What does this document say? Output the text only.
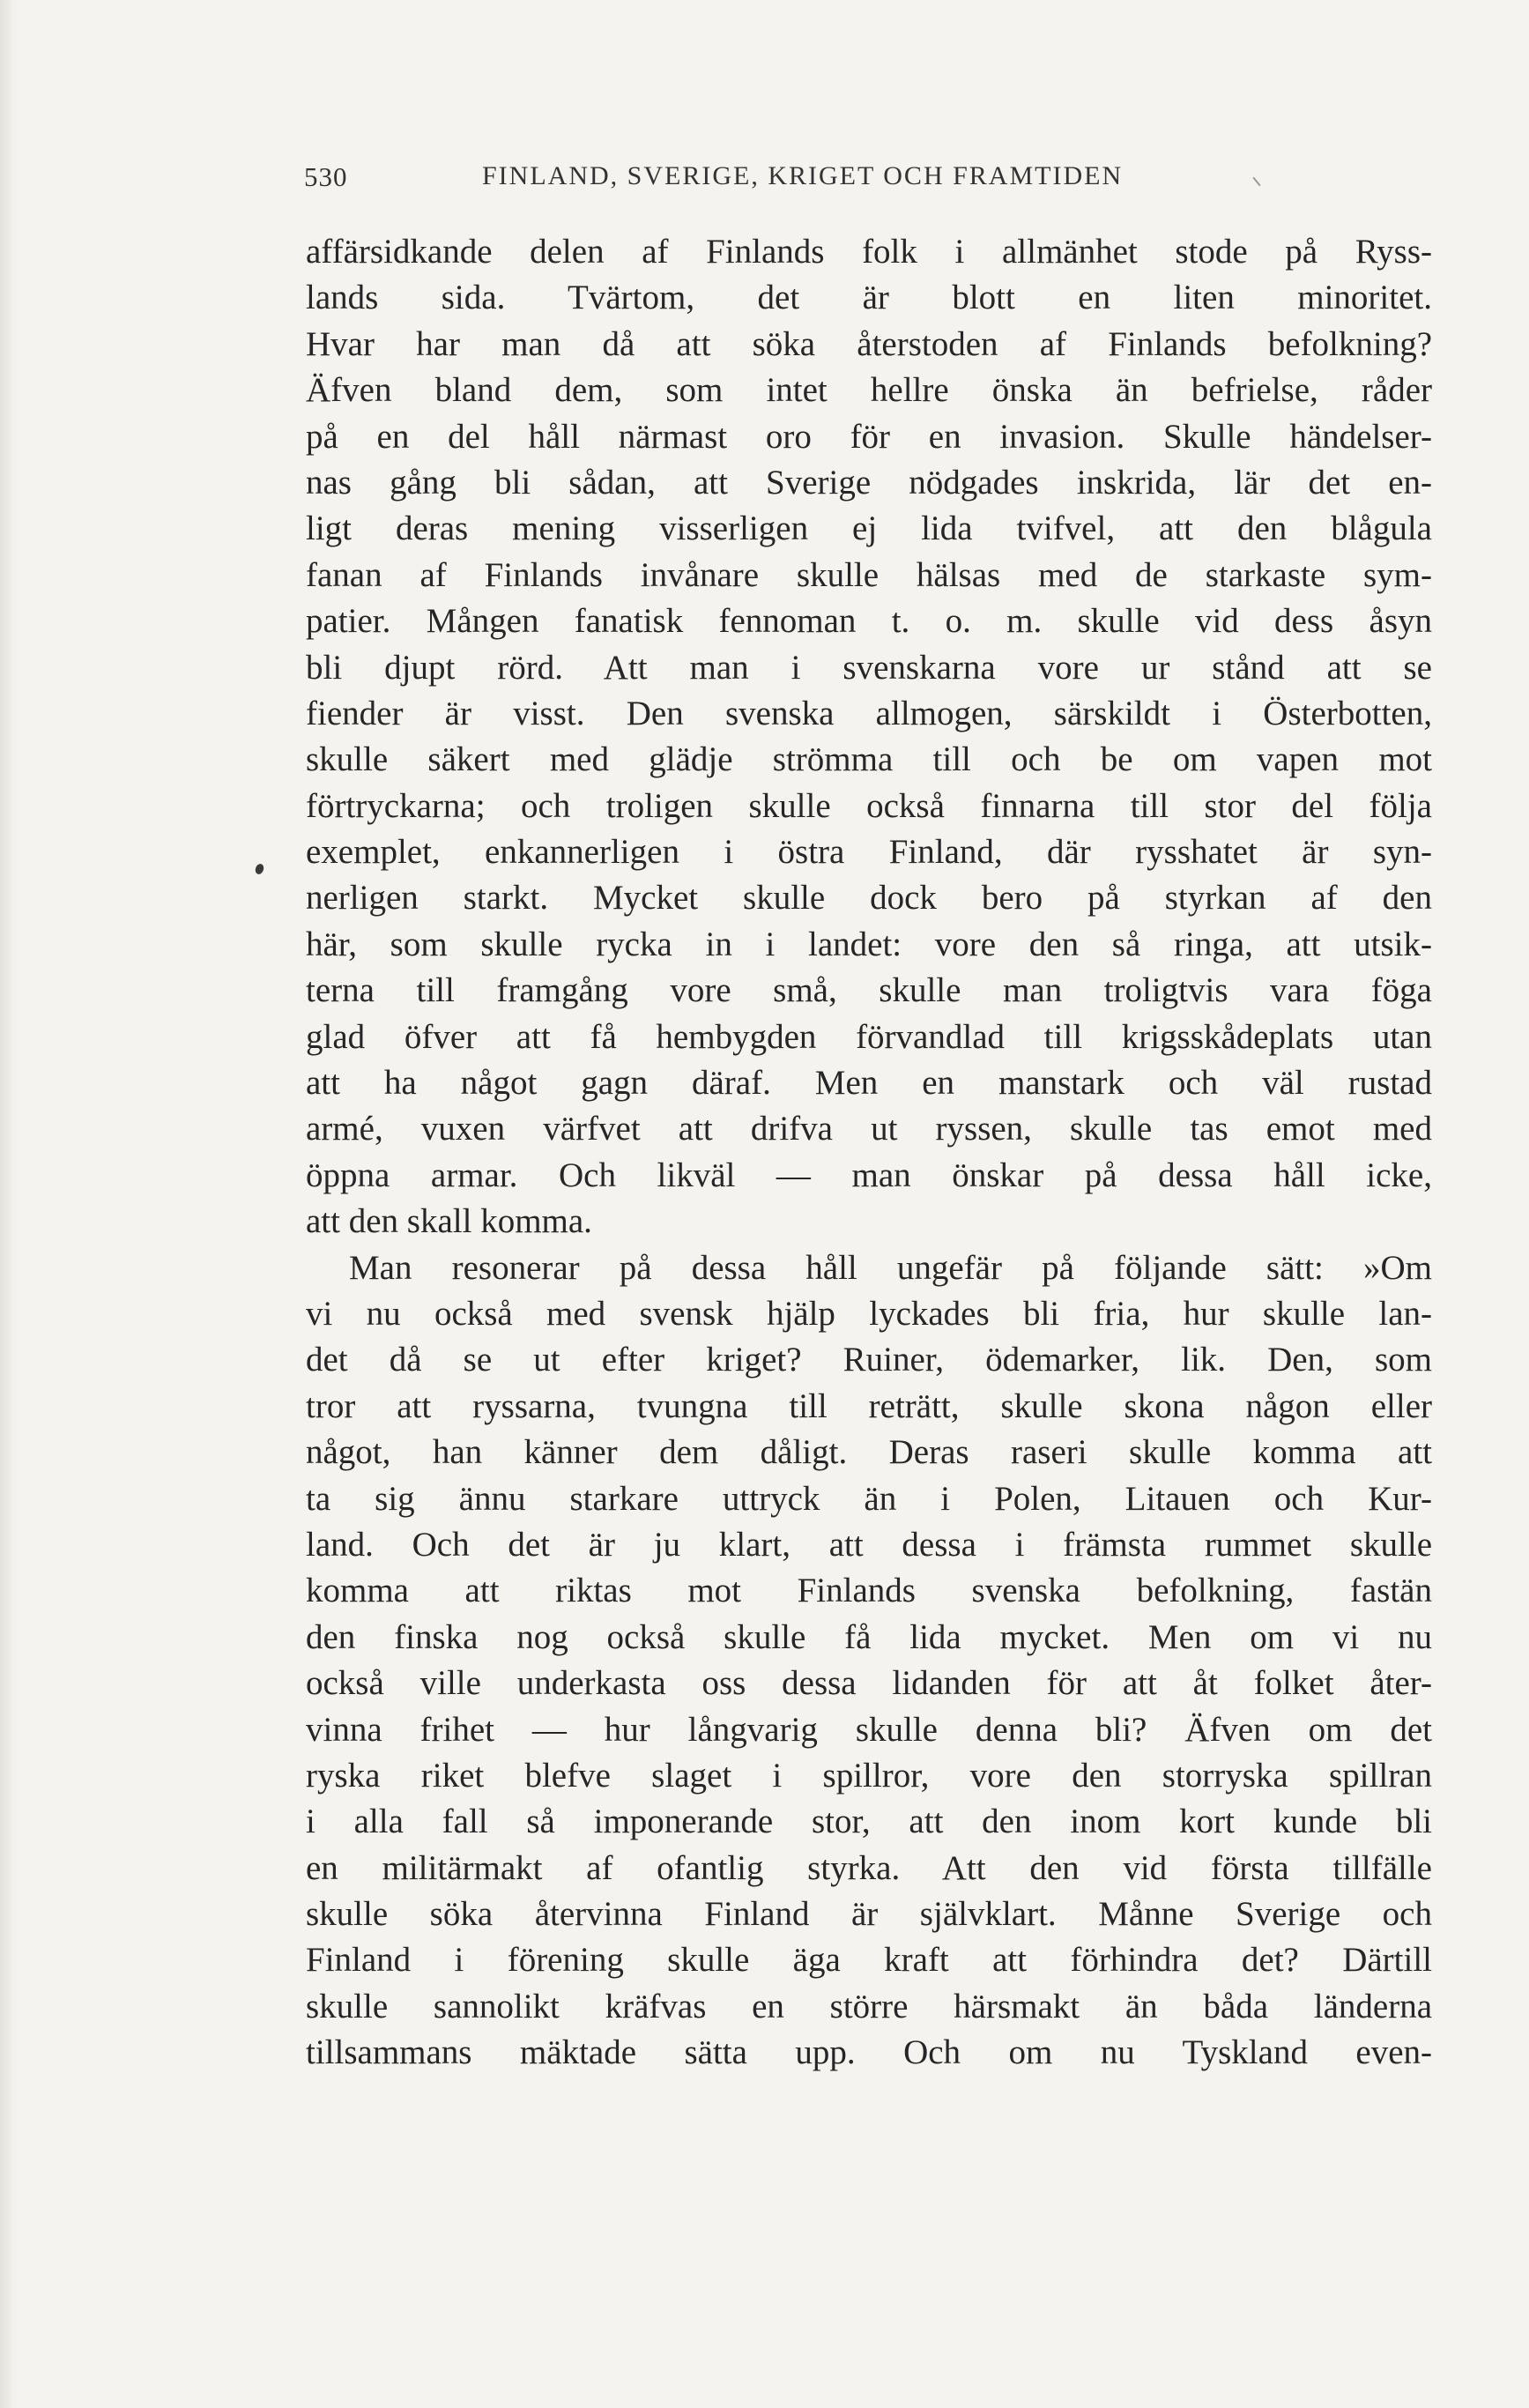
530	FINLAND, SVERIGE, KRIGET OCH FRAMTIDEN
affärsidkande delen af Finlands folk i allmänhet stode på Ryss-
lands sida. Tvärtom, det är blott en liten minoritet.
Hvar har man då att söka återstoden af Finlands befolkning?
Äfven bland dem, som intet hellre önska än befrielse, råder
på en del håll närmast oro för en invasion. Skulle händelser-
nas gång bli sådan, att Sverige nödgades inskrida, lär det en-
ligt deras mening visserligen ej lida tvifvel, att den blågula
fanan af Finlands invånare skulle hälsas med de starkaste sym-
patier. Mången fanatisk fennoman t. o. m. skulle vid dess åsyn
bli djupt rörd. Att man i svenskarna vore ur stånd att se
fiender är visst. Den svenska allmogen, särskildt i Österbotten,
skulle säkert med glädje strömma till och be om vapen mot
förtryckarna; och troligen skulle också finnarna till stor del följa
exemplet, enkannerligen i östra Finland, där rysshatet är syn-
nerligen starkt. Mycket skulle dock bero på styrkan af den
här, som skulle rycka in i landet: vore den så ringa, att utsik-
terna till framgång vore små, skulle man troligtvis vara föga
glad öfver att få hembygden förvandlad till krigsskådeplats utan
att ha något gagn däraf. Men en manstark och väl rustad
armé, vuxen värfvet att drifva ut ryssen, skulle tas emot med
öppna armar. Och likväl — man önskar på dessa håll icke,
att den skall komma.
Man resonerar på dessa håll ungefär på följande sätt: »Om
vi nu också med svensk hjälp lyckades bli fria, hur skulle lan-
det då se ut efter kriget? Ruiner, ödemarker, lik. Den, som
tror att ryssarna, tvungna till reträtt, skulle skona någon eller
något, han känner dem dåligt. Deras raseri skulle komma att
ta sig ännu starkare uttryck än i Polen, Litauen och Kur-
land. Och det är ju klart, att dessa i främsta rummet skulle
komma att riktas mot Finlands svenska befolkning, fastän
den finska nog också skulle få lida mycket. Men om vi nu
också ville underkasta oss dessa lidanden för att åt folket åter-
vinna frihet — hur långvarig skulle denna bli? Äfven om det
ryska riket blefve slaget i spillror, vore den storryska spillran
i alla fall så imponerande stor, att den inom kort kunde bli
en militärmakt af ofantlig styrka. Att den vid första tillfälle
skulle söka återvinna Finland är självklart. Månne Sverige och
Finland i förening skulle äga kraft att förhindra det? Därtill
skulle sannolikt kräfvas en större härsmakt än båda länderna
tillsammans mäktade sätta upp. Och om nu Tyskland even-
